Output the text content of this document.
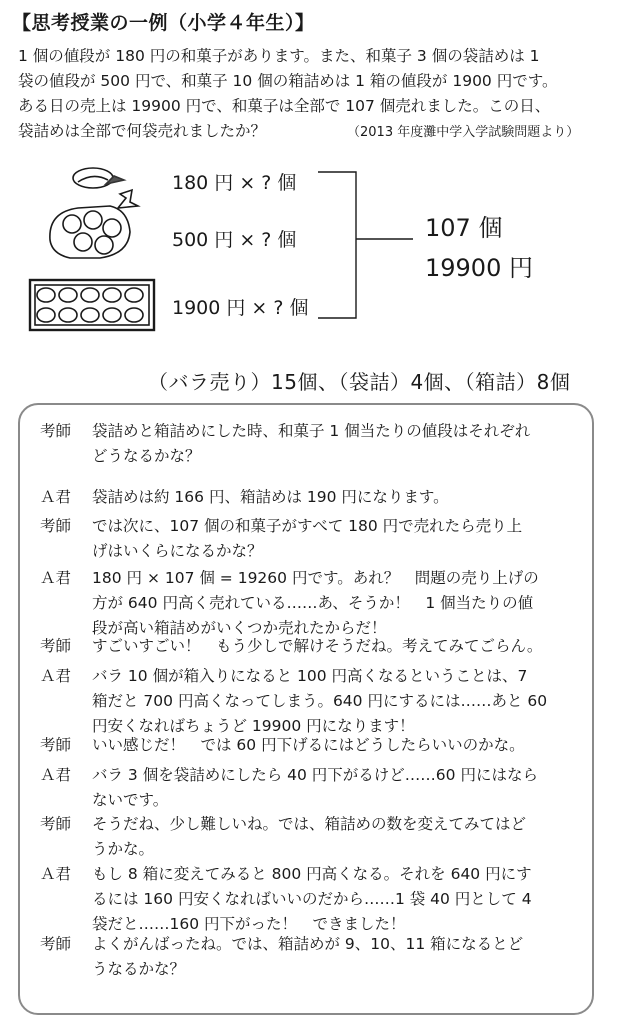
【思考授業の一例（小学４年生）】

1 個の値段が 180 円の和菓子があります。また、和菓子 3 個の袋詰めは 1

袋の値段が 500 円で、和菓子 10 個の箱詰めは 1 箱の値段が 1900 円です。

ある日の売上は 19900 円で、和菓子は全部で 107 個売れました。この日、

袋詰めは全部で何袋売れましたか？	（2013 年度灘中学入学試験問題より）
180 円 × ? 個
500 円 × ? 個
1900 円 × ? 個
107 個
19900 円
（バラ売り）15個、（袋詰）4個、（箱詰）8個
考師	袋詰めと箱詰めにした時、和菓子 1 個当たりの値段はそれぞれ
どうなるかな？
Ａ君	袋詰めは約 166 円、箱詰めは 190 円になります。
考師	では次に、107 個の和菓子がすべて 180 円で売れたら売り上
げはいくらになるかな？
Ａ君	180 円 × 107 個 = 19260 円です。あれ？　問題の売り上げの
方が 640 円高く売れている……あ、そうか！　1 個当たりの値
段が高い箱詰めがいくつか売れたからだ！
考師	すごいすごい！　もう少しで解けそうだね。考えてみてごらん。
Ａ君	バラ 10 個が箱入りになると 100 円高くなるということは、7
箱だと 700 円高くなってしまう。640 円にするには……あと 60
円安くなればちょうど 19900 円になります！
考師	いい感じだ！　では 60 円下げるにはどうしたらいいのかな。
Ａ君	バラ 3 個を袋詰めにしたら 40 円下がるけど……60 円にはなら
ないです。
考師	そうだね、少し難しいね。では、箱詰めの数を変えてみてはど
うかな。
Ａ君	もし 8 箱に変えてみると 800 円高くなる。それを 640 円にす
るには 160 円安くなればいいのだから……1 袋 40 円として 4
袋だと……160 円下がった！　できました！
考師	よくがんばったね。では、箱詰めが 9、10、11 箱になるとど
うなるかな？
